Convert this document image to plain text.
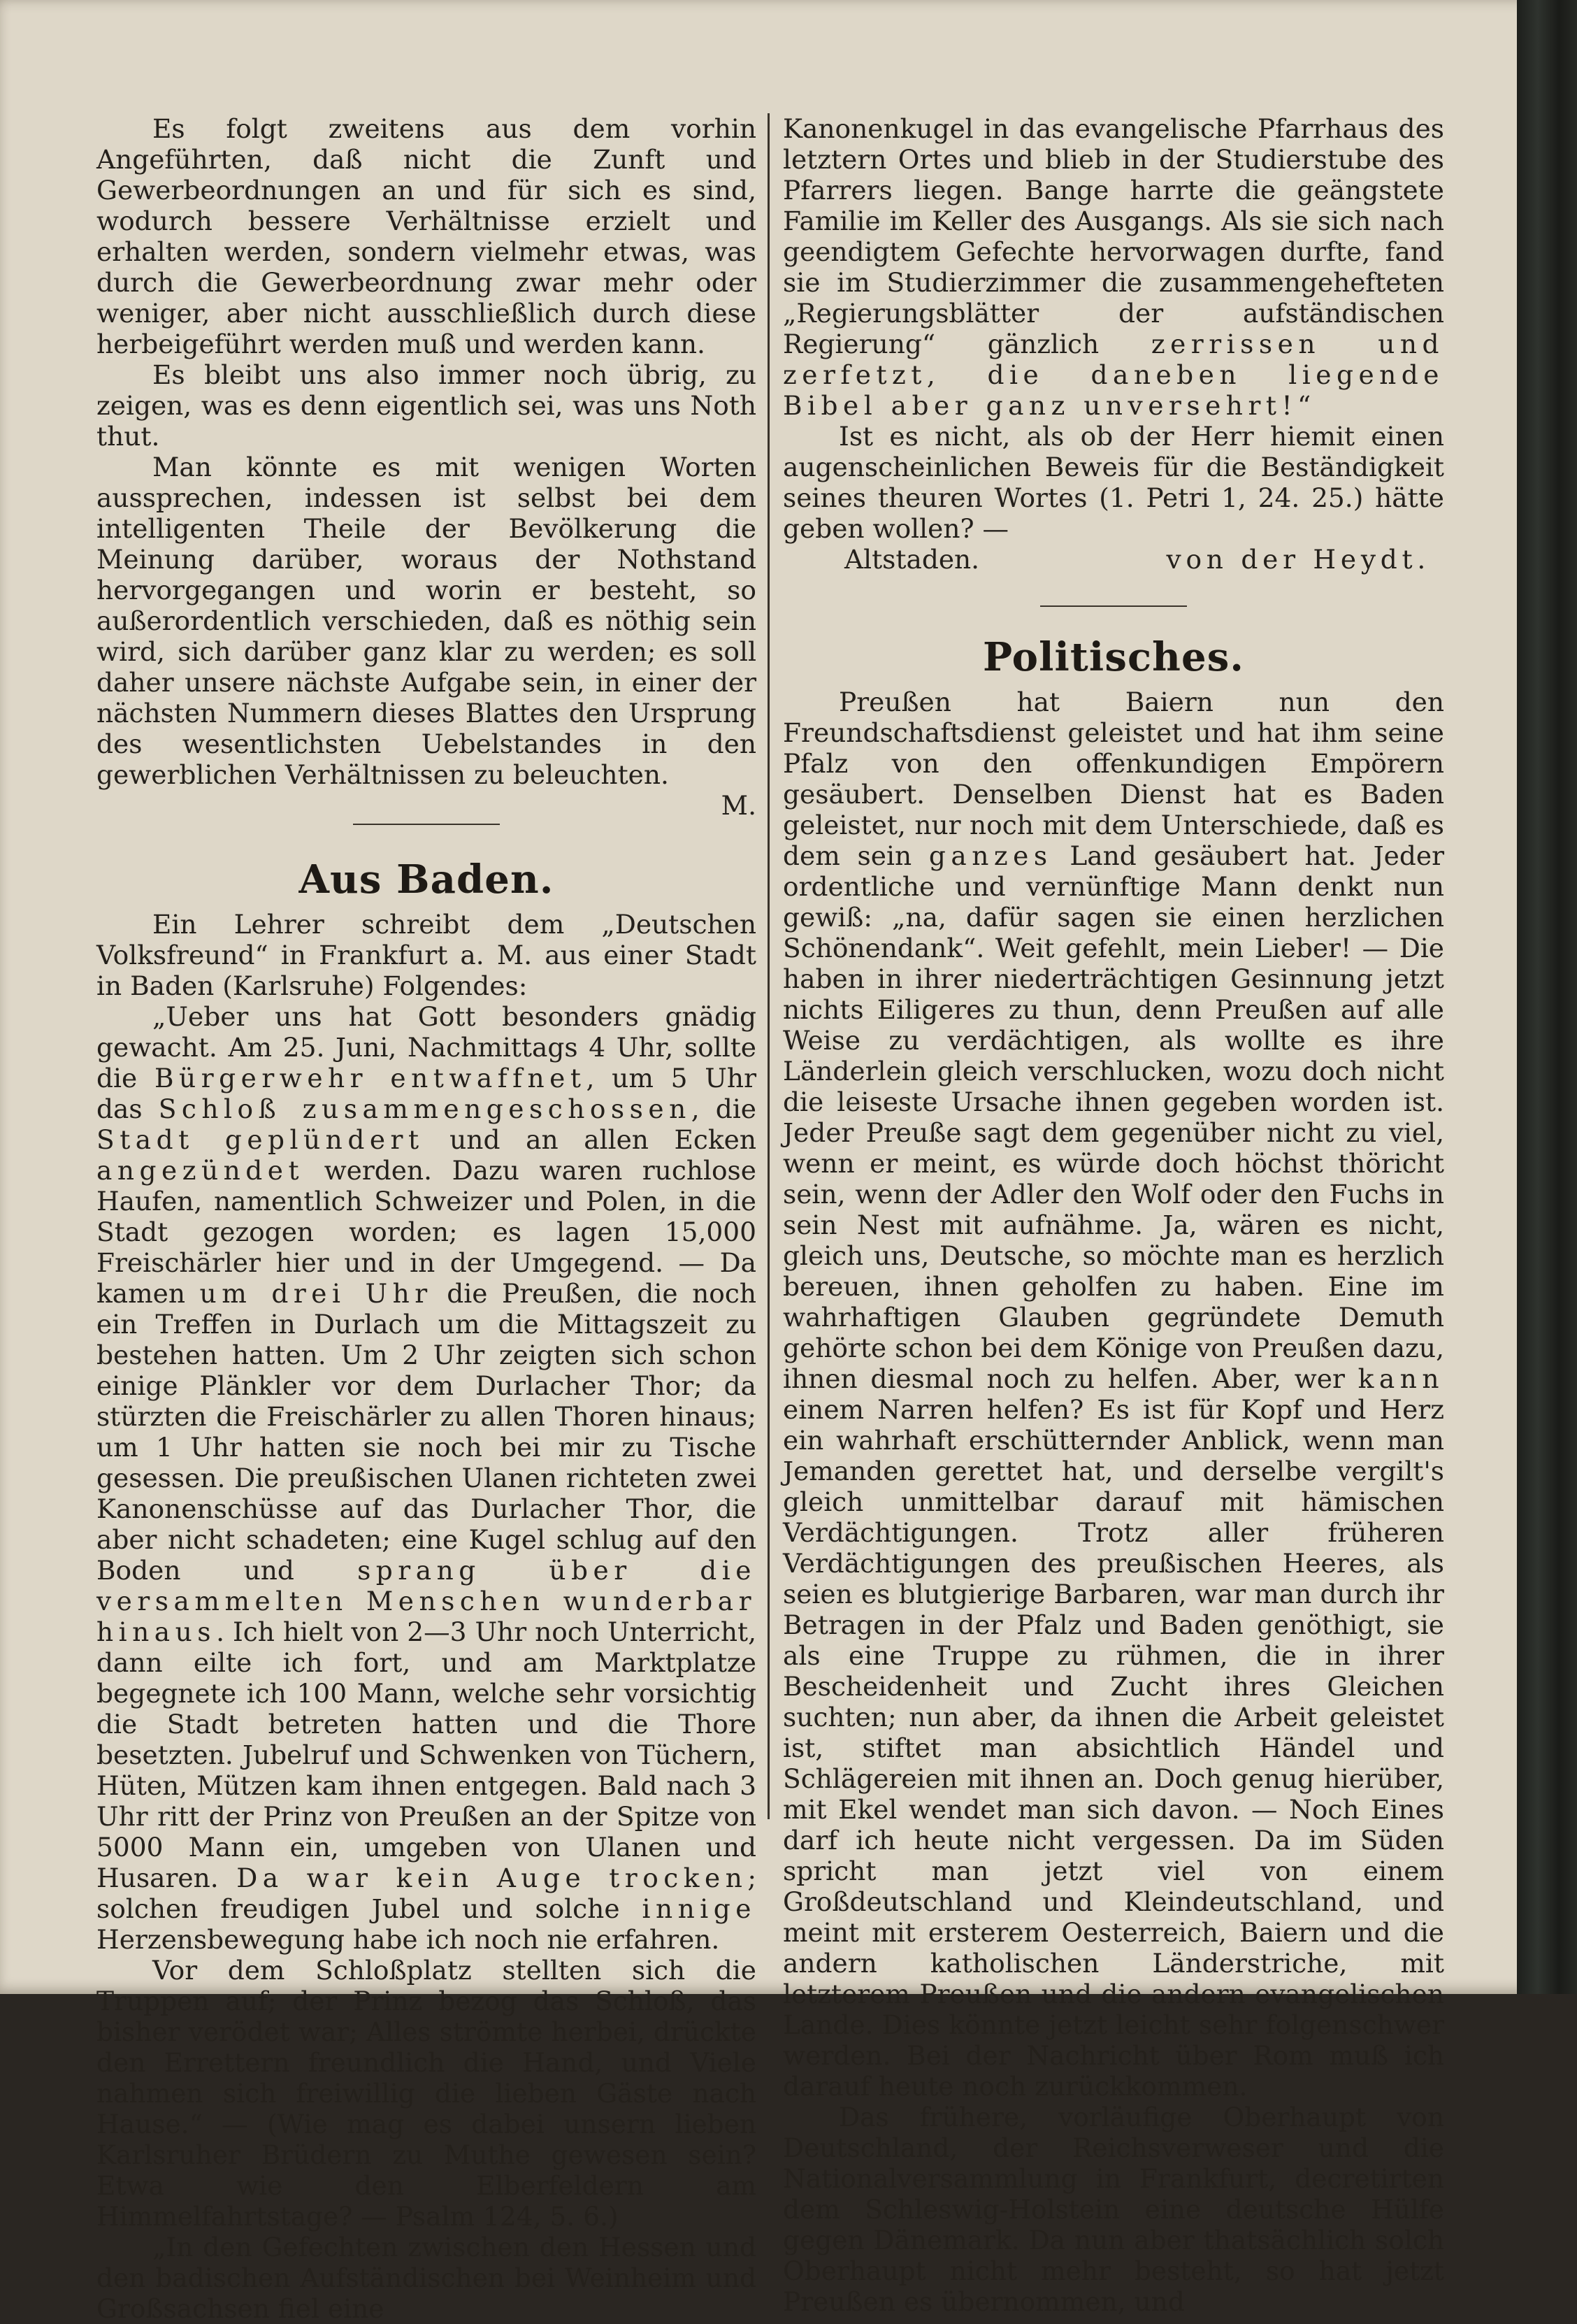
Es folgt zweitens aus dem vorhin Angeführten, daß nicht die Zunft und Gewerbeordnungen an und für sich es sind, wodurch bessere Verhältnisse erzielt und erhalten werden, sondern vielmehr etwas, was durch die Gewerbeordnung zwar mehr oder weniger, aber nicht ausschließlich durch diese herbeigeführt werden muß und werden kann.

Es bleibt uns also immer noch übrig, zu zeigen, was es denn eigentlich sei, was uns Noth thut.

Man könnte es mit wenigen Worten aussprechen, indessen ist selbst bei dem intelligenten Theile der Bevölkerung die Meinung darüber, woraus der Nothstand hervorgegangen und worin er besteht, so außerordentlich verschieden, daß es nöthig sein wird, sich darüber ganz klar zu werden; es soll daher unsere nächste Aufgabe sein, in einer der nächsten Nummern dieses Blattes den Ursprung des wesentlichsten Uebelstandes in den gewerblichen Verhältnissen zu beleuchten.
M.

Aus Baden.

Ein Lehrer schreibt dem „Deutschen Volksfreund“ in Frankfurt a. M. aus einer Stadt in Baden (Karlsruhe) Folgendes:

„Ueber uns hat Gott besonders gnädig gewacht. Am 25. Juni, Nachmittags 4 Uhr, sollte die Bürgerwehr entwaffnet, um 5 Uhr das Schloß zusammengeschossen, die Stadt geplündert und an allen Ecken angezündet werden. Dazu waren ruchlose Haufen, namentlich Schweizer und Polen, in die Stadt gezogen worden; es lagen 15,000 Freischärler hier und in der Umgegend. — Da kamen um drei Uhr die Preußen, die noch ein Treffen in Durlach um die Mittagszeit zu bestehen hatten. Um 2 Uhr zeigten sich schon einige Plänkler vor dem Durlacher Thor; da stürzten die Freischärler zu allen Thoren hinaus; um 1 Uhr hatten sie noch bei mir zu Tische gesessen. Die preußischen Ulanen richteten zwei Kanonenschüsse auf das Durlacher Thor, die aber nicht schadeten; eine Kugel schlug auf den Boden und sprang über die versammelten Menschen wunderbar hinaus. Ich hielt von 2—3 Uhr noch Unterricht, dann eilte ich fort, und am Marktplatze begegnete ich 100 Mann, welche sehr vorsichtig die Stadt betreten hatten und die Thore besetzten. Jubelruf und Schwenken von Tüchern, Hüten, Mützen kam ihnen entgegen. Bald nach 3 Uhr ritt der Prinz von Preußen an der Spitze von 5000 Mann ein, umgeben von Ulanen und Husaren. Da war kein Auge trocken; solchen freudigen Jubel und solche innige Herzensbewegung habe ich noch nie erfahren.

Vor dem Schloßplatz stellten sich die Truppen auf; der Prinz bezog das Schloß, das bisher verödet war; Alles strömte herbei, drückte den Errettern freundlich die Hand, und Viele nahmen sich freiwillig die lieben Gäste nach Hause.“ — (Wie mag es dabei unsern lieben Karlsruher Brüdern zu Muthe gewesen sein? Etwa wie den Elberfeldern am Himmelfahrtstage? — Psalm 124, 5. 6.)

„In den Gefechten zwischen den Hessen und den badischen Aufständischen bei Weinheim und Großsachsen fiel eine

Kanonenkugel in das evangelische Pfarrhaus des letztern Ortes und blieb in der Studierstube des Pfarrers liegen. Bange harrte die geängstete Familie im Keller des Ausgangs. Als sie sich nach geendigtem Gefechte hervorwagen durfte, fand sie im Studierzimmer die zusammengehefteten „Regierungsblätter der aufständischen Regierung“ gänzlich zerrissen und zerfetzt, die daneben liegende Bibel aber ganz unversehrt!“

Ist es nicht, als ob der Herr hiemit einen augenscheinlichen Beweis für die Beständigkeit seines theuren Wortes (1. Petri 1, 24. 25.) hätte geben wollen? —

Altstaden.	von der Heydt.

Politisches.

Preußen hat Baiern nun den Freundschaftsdienst geleistet und hat ihm seine Pfalz von den offenkundigen Empörern gesäubert. Denselben Dienst hat es Baden geleistet, nur noch mit dem Unterschiede, daß es dem sein ganzes Land gesäubert hat. Jeder ordentliche und vernünftige Mann denkt nun gewiß: „na, dafür sagen sie einen herzlichen Schönendank“. Weit gefehlt, mein Lieber! — Die haben in ihrer niederträchtigen Gesinnung jetzt nichts Eiligeres zu thun, denn Preußen auf alle Weise zu verdächtigen, als wollte es ihre Länderlein gleich verschlucken, wozu doch nicht die leiseste Ursache ihnen gegeben worden ist. Jeder Preuße sagt dem gegenüber nicht zu viel, wenn er meint, es würde doch höchst thöricht sein, wenn der Adler den Wolf oder den Fuchs in sein Nest mit aufnähme. Ja, wären es nicht, gleich uns, Deutsche, so möchte man es herzlich bereuen, ihnen geholfen zu haben. Eine im wahrhaftigen Glauben gegründete Demuth gehörte schon bei dem Könige von Preußen dazu, ihnen diesmal noch zu helfen. Aber, wer kann einem Narren helfen? Es ist für Kopf und Herz ein wahrhaft erschütternder Anblick, wenn man Jemanden gerettet hat, und derselbe vergilt's gleich unmittelbar darauf mit hämischen Verdächtigungen. Trotz aller früheren Verdächtigungen des preußischen Heeres, als seien es blutgierige Barbaren, war man durch ihr Betragen in der Pfalz und Baden genöthigt, sie als eine Truppe zu rühmen, die in ihrer Bescheidenheit und Zucht ihres Gleichen suchten; nun aber, da ihnen die Arbeit geleistet ist, stiftet man absichtlich Händel und Schlägereien mit ihnen an. Doch genug hierüber, mit Ekel wendet man sich davon. — Noch Eines darf ich heute nicht vergessen. Da im Süden spricht man jetzt viel von einem Großdeutschland und Kleindeutschland, und meint mit ersterem Oesterreich, Baiern und die andern katholischen Länderstriche, mit letzterem Preußen und die andern evangelischen Lande. Dies könnte jetzt leicht sehr folgenschwer werden. Bei der Nachricht über Rom muß ich darauf heute noch zurückkommen.

Das frühere, vorläufige Oberhaupt von Deutschland, der Reichsverweser und die Nationalversammlung in Frankfurt, decretirten dem Schleswig-Holstein eine deutsche Hülfe gegen Dänemark. Da nun aber thatsächlich solch Oberhaupt nicht mehr besteht, so hat jetzt Preußen es übernommen, und
